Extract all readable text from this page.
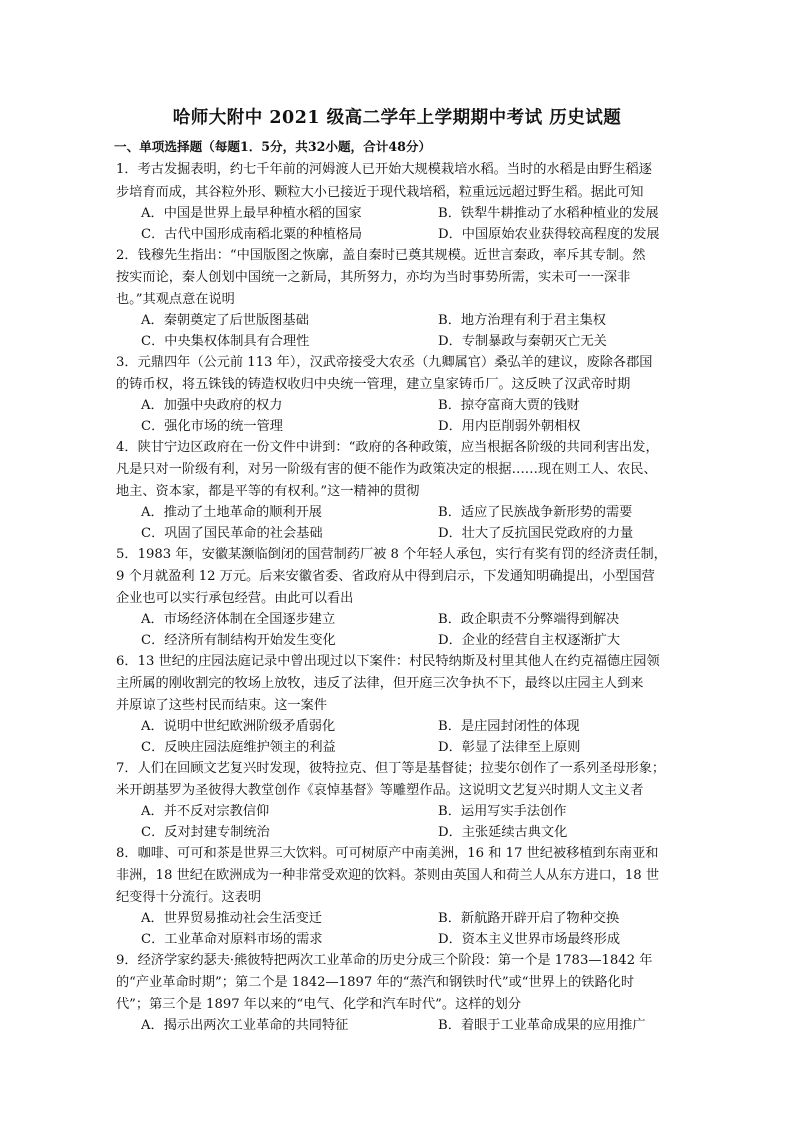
哈师大附中 2021 级高二学年上学期期中考试 历史试题
一、单项选择题（每题1．5分，共32小题，合计48分）
1．考古发掘表明，约七千年前的河姆渡人已开始大规模栽培水稻。当时的水稻是由野生稻逐
步培育而成，其谷粒外形、颗粒大小已接近于现代栽培稻，粒重远远超过野生稻。据此可知
A．中国是世界上最早种植水稻的国家	B．铁犁牛耕推动了水稻种植业的发展
C．古代中国形成南稻北粟的种植格局	D．中国原始农业获得较高程度的发展
2．钱穆先生指出：“中国版图之恢廓，盖自秦时已奠其规模。近世言秦政，率斥其专制。然
按实而论，秦人创划中国统一之新局，其所努力，亦均为当时事势所需，实未可一一深非
也。”其观点意在说明
A．秦朝奠定了后世版图基础	B．地方治理有利于君主集权
C．中央集权体制具有合理性	D．专制暴政与秦朝灭亡无关
3．元鼎四年（公元前 113 年），汉武帝接受大农丞（九卿属官）桑弘羊的建议，废除各郡国
的铸币权，将五铢钱的铸造权收归中央统一管理，建立皇家铸币厂。这反映了汉武帝时期
A．加强中央政府的权力	B．掠夺富商大贾的钱财
C．强化市场的统一管理	D．用内臣削弱外朝相权
4．陕甘宁边区政府在一份文件中讲到：“政府的各种政策，应当根据各阶级的共同利害出发，
凡是只对一阶级有利，对另一阶级有害的便不能作为政策决定的根据……现在则工人、农民、
地主、资本家，都是平等的有权利。”这一精神的贯彻
A．推动了土地革命的顺利开展	B．适应了民族战争新形势的需要
C．巩固了国民革命的社会基础	D．壮大了反抗国民党政府的力量
5．1983 年，安徽某濒临倒闭的国营制药厂被 8 个年轻人承包，实行有奖有罚的经济责任制，
9 个月就盈利 12 万元。后来安徽省委、省政府从中得到启示，下发通知明确提出，小型国营
企业也可以实行承包经营。由此可以看出
A．市场经济体制在全国逐步建立	B．政企职责不分弊端得到解决
C．经济所有制结构开始发生变化	D．企业的经营自主权逐渐扩大
6．13 世纪的庄园法庭记录中曾出现过以下案件：村民特纳斯及村里其他人在约克福德庄园领
主所属的刚收割完的牧场上放牧，违反了法律，但开庭三次争执不下，最终以庄园主人到来
并原谅了这些村民而结束。这一案件
A．说明中世纪欧洲阶级矛盾弱化	B．是庄园封闭性的体现
C．反映庄园法庭维护领主的利益	D．彰显了法律至上原则
7．人们在回顾文艺复兴时发现，彼特拉克、但丁等是基督徒；拉斐尔创作了一系列圣母形象；
米开朗基罗为圣彼得大教堂创作《哀悼基督》等雕塑作品。这说明文艺复兴时期人文主义者
A．并不反对宗教信仰	B．运用写实手法创作
C．反对封建专制统治	D．主张延续古典文化
8．咖啡、可可和茶是世界三大饮料。可可树原产中南美洲，16 和 17 世纪被移植到东南亚和
非洲，18 世纪在欧洲成为一种非常受欢迎的饮料。茶则由英国人和荷兰人从东方进口，18 世
纪变得十分流行。这表明
A．世界贸易推动社会生活变迁	B．新航路开辟开启了物种交换
C．工业革命对原料市场的需求	D．资本主义世界市场最终形成
9．经济学家约瑟夫·熊彼特把两次工业革命的历史分成三个阶段：第一个是 1783—1842 年
的“产业革命时期”；第二个是 1842—1897 年的“蒸汽和钢铁时代”或“世界上的铁路化时
代”；第三个是 1897 年以来的“电气、化学和汽车时代”。这样的划分
A．揭示出两次工业革命的共同特征	B．着眼于工业革命成果的应用推广
